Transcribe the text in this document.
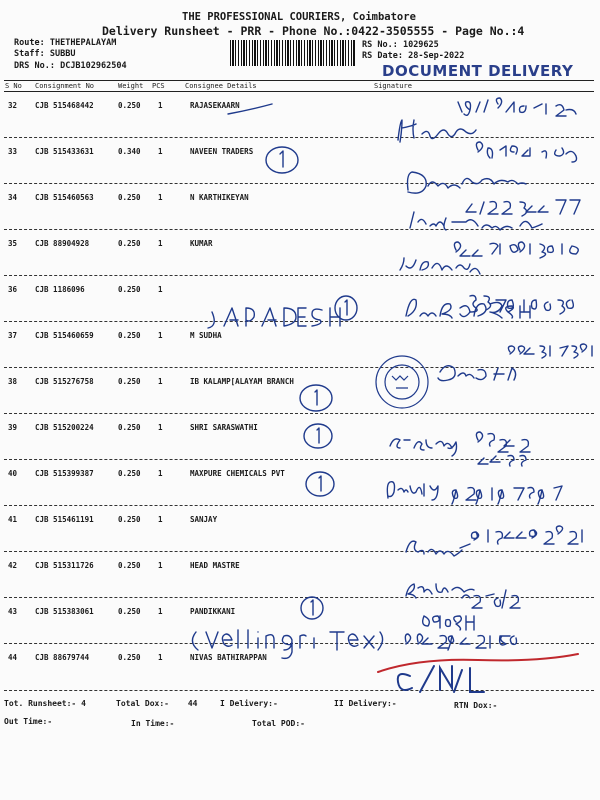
THE PROFESSIONAL COURIERS, Coimbatore
Delivery Runsheet - PRR - Phone No.:0422-3505555 - Page No.:4
Route: THETHEPALAYAM
Staff: SUBBU
DRS No.: DCJB102962504
RS No.: 1029625
RS Date: 28-Sep-2022
DOCUMENT DELIVERY
S No Consignment No	Weight PCS	Consignee Details	Signature
32 CJB 515468442	0.250 1	RAJASEKAARN
33 CJB 515433631	0.340 1	NAVEEN TRADERS
34 CJB 515460563	0.250 1	N KARTHIKEYAN
35 CJB 88904928	0.250 1	KUMAR
36 CJB 1186096	0.250 1
37 CJB 515460659	0.250 1	M SUDHA
38 CJB 515276758	0.250 1	IB KALAMP[ALAYAM BRANCH
39 CJB 515200224	0.250 1	SHRI SARASWATHI
40 CJB 515399387	0.250 1	MAXPURE CHEMICALS PVT
41 CJB 515461191	0.250 1	SANJAY
42 CJB 515311726	0.250 1	HEAD MASTRE
43 CJB 515383061	0.250 1	PANDIKKANI
44 CJB 88679744	0.250 1	NIVAS BATHIRAPPAN
Tot. Runsheet:- 4	Total Dox:- 44	I Delivery:-	II Delivery:-	RTN Dox:-
Out Time:-	In Time:-	Total POD:-
